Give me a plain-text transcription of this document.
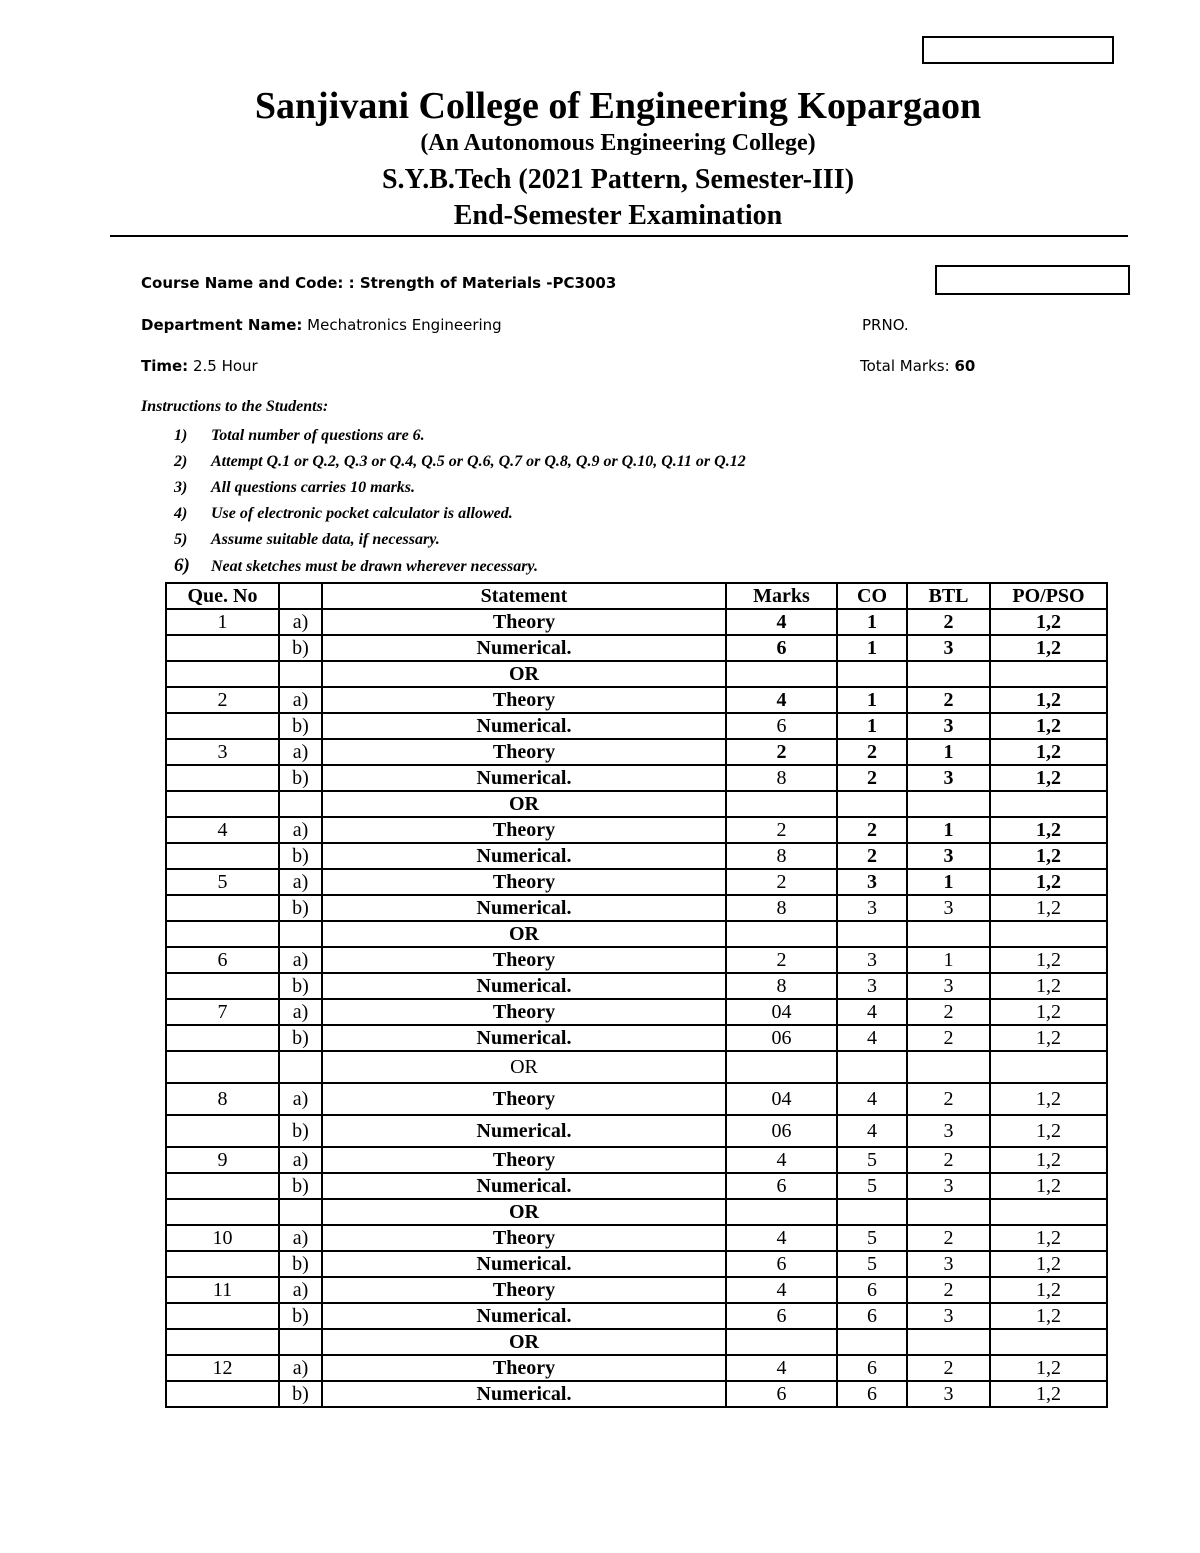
Sanjivani College of Engineering Kopargaon
(An Autonomous Engineering College)
S.Y.B.Tech (2021 Pattern, Semester-III)
End-Semester Examination
Course Name and Code: : Strength of Materials -PC3003
Department Name: Mechatronics Engineering	PRNO.
Time: 2.5 Hour	Total Marks: 60
Instructions to the Students:
1) Total number of questions are 6.
2) Attempt Q.1 or Q.2, Q.3 or Q.4, Q.5 or Q.6, Q.7 or Q.8, Q.9 or Q.10, Q.11 or Q.12
3) All questions carries 10 marks.
4) Use of electronic pocket calculator is allowed.
5) Assume suitable data, if necessary.
6) Neat sketches must be drawn wherever necessary.
Que. No		Statement	Marks	CO	BTL	PO/PSO
1	a)	Theory	4	1	2	1,2
	b)	Numerical.	6	1	3	1,2
		OR				
2	a)	Theory	4	1	2	1,2
	b)	Numerical.	6	1	3	1,2
3	a)	Theory	2	2	1	1,2
	b)	Numerical.	8	2	3	1,2
		OR				
4	a)	Theory	2	2	1	1,2
	b)	Numerical.	8	2	3	1,2
5	a)	Theory	2	3	1	1,2
	b)	Numerical.	8	3	3	1,2
		OR				
6	a)	Theory	2	3	1	1,2
	b)	Numerical.	8	3	3	1,2
7	a)	Theory	04	4	2	1,2
	b)	Numerical.	06	4	2	1,2
		OR				
8	a)	Theory	04	4	2	1,2
	b)	Numerical.	06	4	3	1,2
9	a)	Theory	4	5	2	1,2
	b)	Numerical.	6	5	3	1,2
		OR				
10	a)	Theory	4	5	2	1,2
	b)	Numerical.	6	5	3	1,2
11	a)	Theory	4	6	2	1,2
	b)	Numerical.	6	6	3	1,2
		OR				
12	a)	Theory	4	6	2	1,2
	b)	Numerical.	6	6	3	1,2
